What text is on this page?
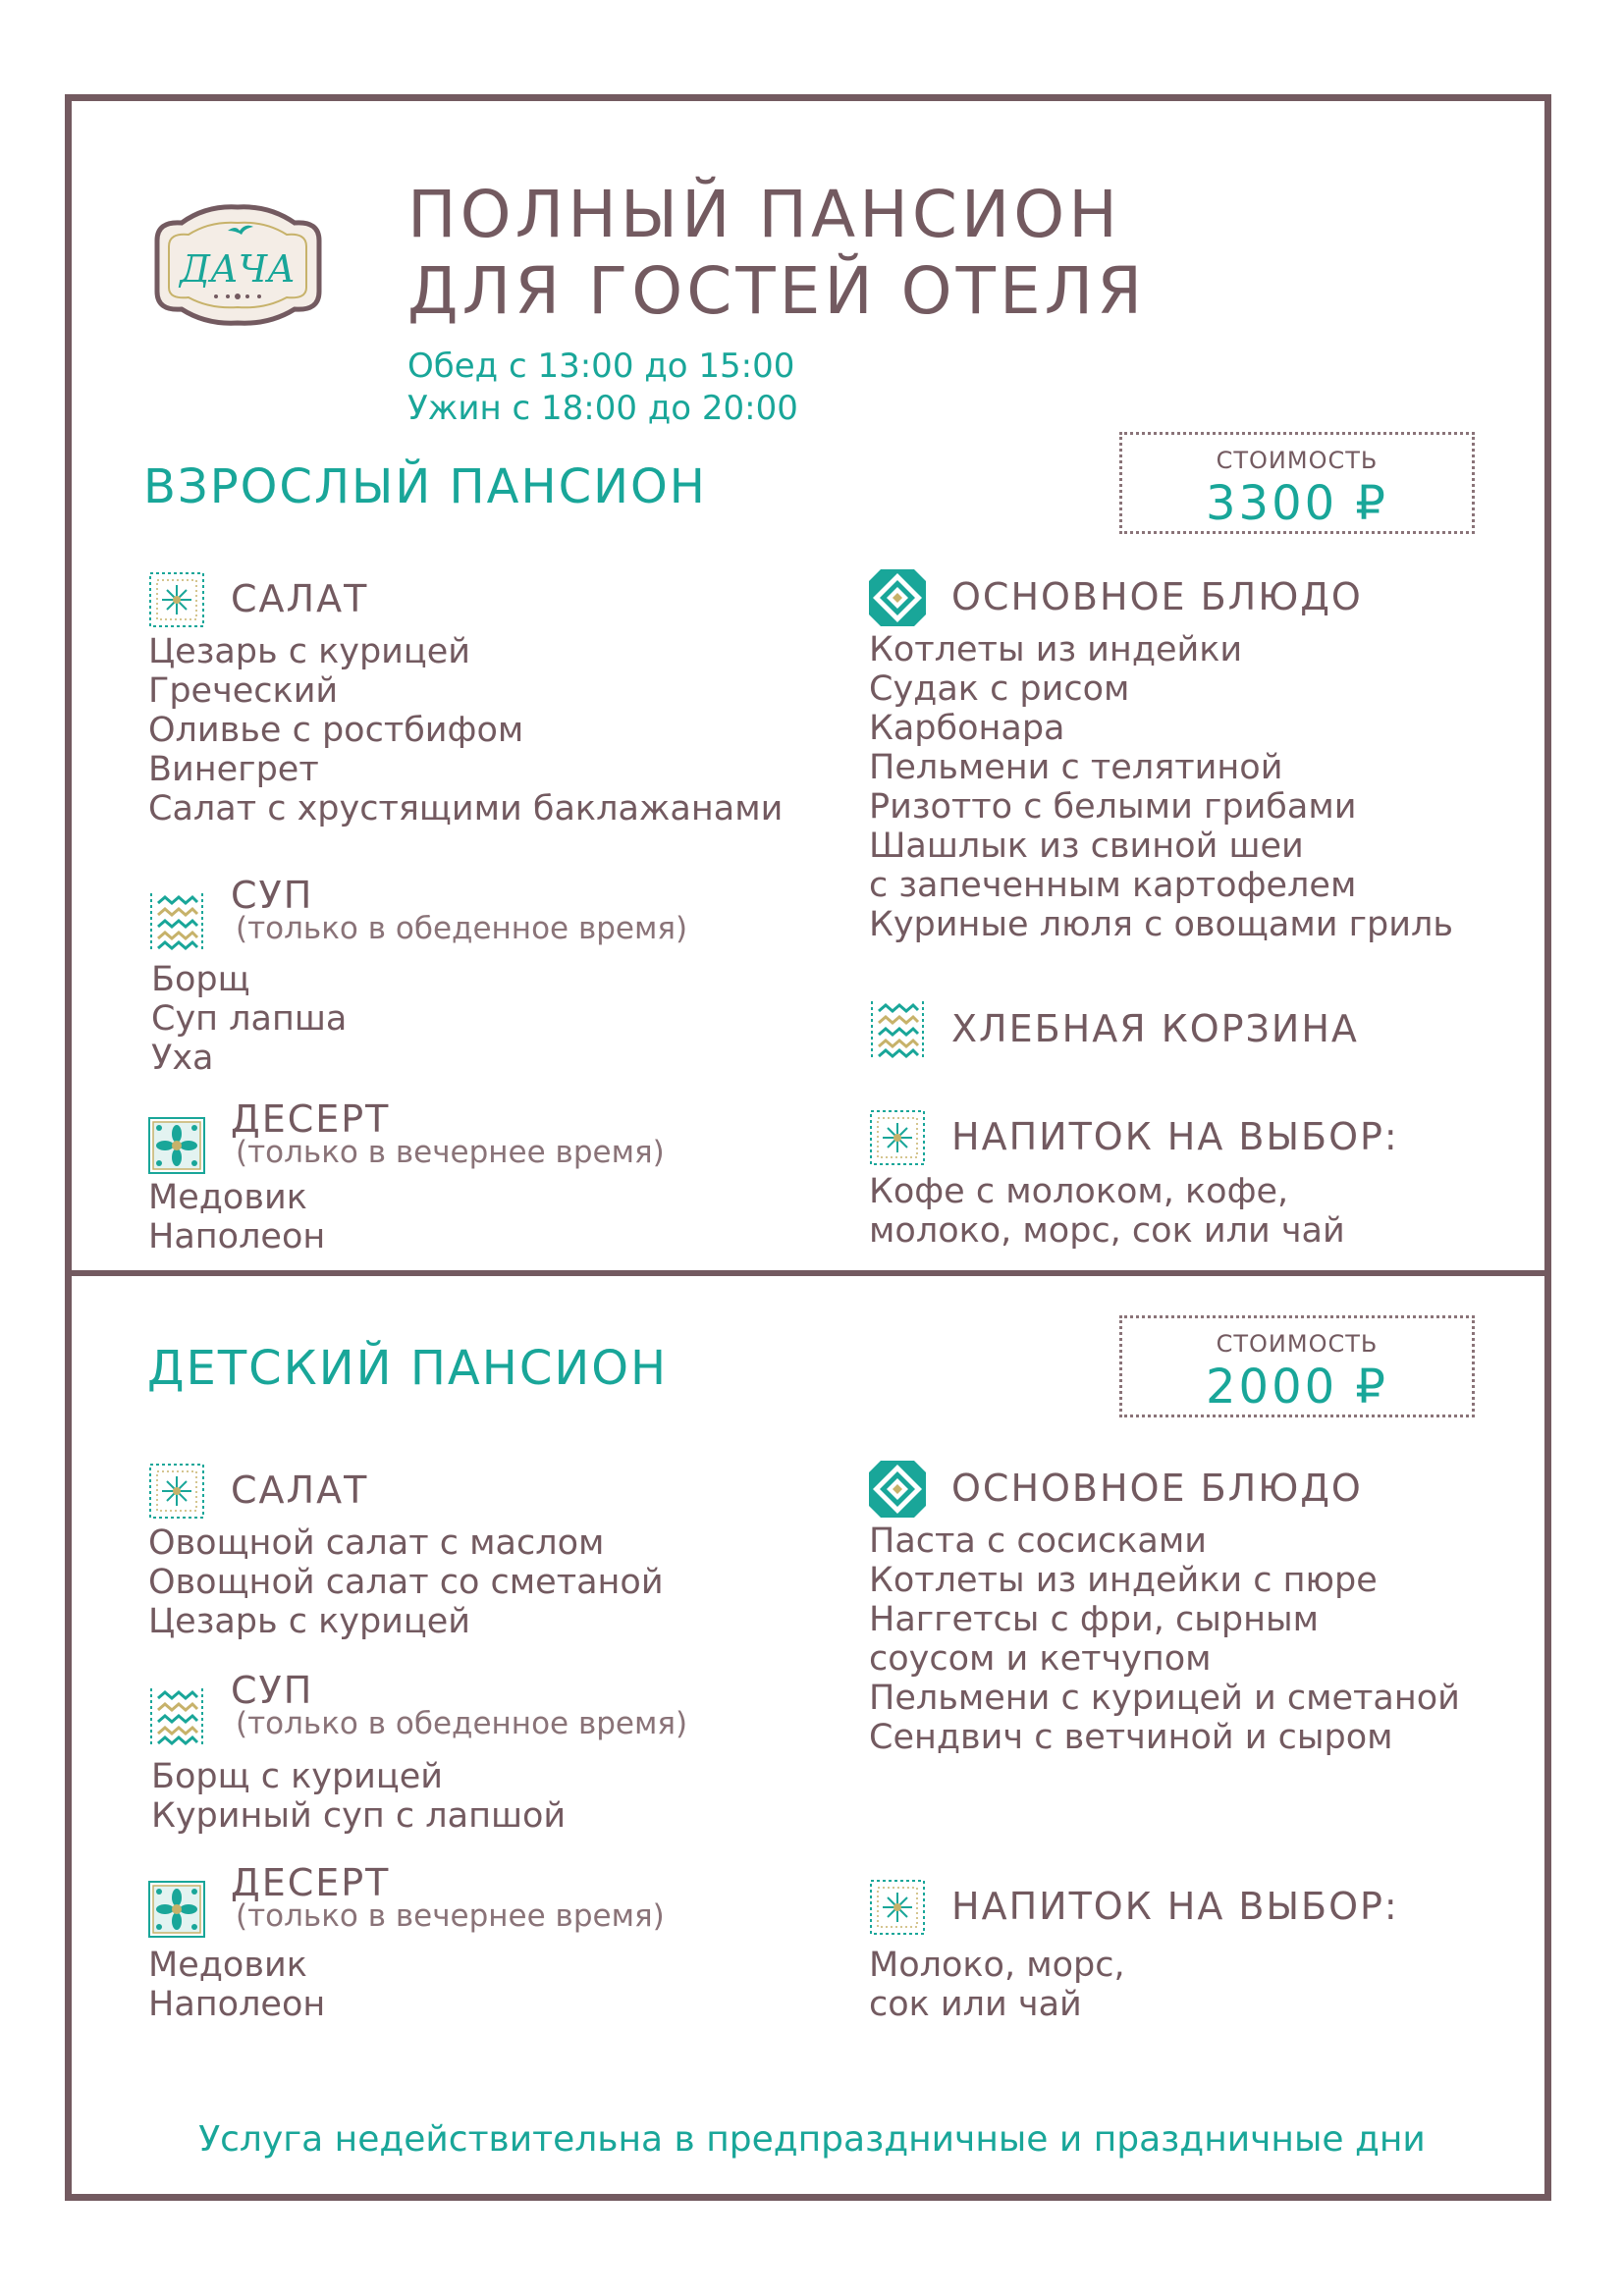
ДАЧА
ПОЛНЫЙ ПАНСИОН
ДЛЯ ГОСТЕЙ ОТЕЛЯ
Обед с 13:00 до 15:00
Ужин с 18:00 до 20:00
ВЗРОСЛЫЙ ПАНСИОН	СТОИМОСТЬ
3300 ₽
САЛАТ
Цезарь с курицей
Греческий
Оливье с ростбифом
Винегрет
Салат с хрустящими баклажанами
СУП
(только в обеденное время)
Борщ
Суп лапша
Уха
ДЕСЕРТ
(только в вечернее время)
Медовик
Наполеон
ОСНОВНОЕ БЛЮДО
Котлеты из индейки
Судак с рисом
Карбонара
Пельмени с телятиной
Ризотто с белыми грибами
Шашлык из свиной шеи
с запеченным картофелем
Куриные люля с овощами гриль
ХЛЕБНАЯ КОРЗИНА
НАПИТОК НА ВЫБОР:
Кофе с молоком, кофе,
молоко, морс, сок или чай
ДЕТСКИЙ ПАНСИОН	СТОИМОСТЬ
2000 ₽
САЛАТ
Овощной салат с маслом
Овощной салат со сметаной
Цезарь с курицей
СУП
(только в обеденное время)
Борщ с курицей
Куриный суп с лапшой
ДЕСЕРТ
(только в вечернее время)
Медовик
Наполеон
ОСНОВНОЕ БЛЮДО
Паста с сосисками
Котлеты из индейки с пюре
Наггетсы с фри, сырным
соусом и кетчупом
Пельмени с курицей и сметаной
Сендвич с ветчиной и сыром
НАПИТОК НА ВЫБОР:
Молоко, морс,
сок или чай
Услуга недействительна в предпраздничные и праздничные дни
